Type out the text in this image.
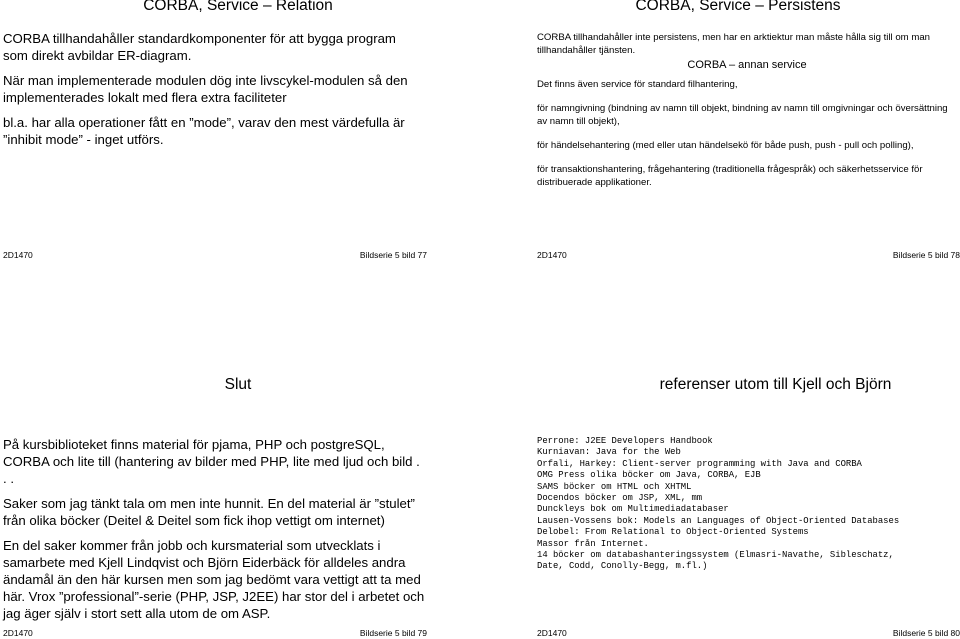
CORBA, Service – Relation

CORBA tillhandahåller standardkomponenter för att bygga program som direkt avbildar ER-diagram.

När man implementerade modulen dög inte livscykel-modulen så den implementerades lokalt med flera extra faciliteter

bl.a. har alla operationer fått en ”mode”, varav den mest värdefulla är ”inhibit mode” - inget utförs.

2D1470	Bildserie 5 bild 77
CORBA, Service – Persistens

CORBA tillhandahåller inte persistens, men har en arktiektur man måste hålla sig till om man tillhandahåller tjänsten.

CORBA – annan service

Det finns även service för standard filhantering,

för namngivning (bindning av namn till objekt, bindning av namn till omgivningar och översättning av namn till objekt),

för händelsehantering (med eller utan händelsekö för både push, push - pull och polling),

för transaktionshantering, frågehantering (traditionella frågespråk) och säkerhetsservice för distribuerade applikationer.

2D1470	Bildserie 5 bild 78
Slut

På kursbiblioteket finns material för pjama, PHP och postgreSQL, CORBA och lite till (hantering av bilder med PHP, lite med ljud och bild . . .

Saker som jag tänkt tala om men inte hunnit. En del material är ”stulet” från olika böcker (Deitel & Deitel som fick ihop vettigt om internet)

En del saker kommer från jobb och kursmaterial som utvecklats i samarbete med Kjell Lindqvist och Björn Eiderbäck för alldeles andra ändamål än den här kursen men som jag bedömt vara vettigt att ta med här. Vrox ”professional”-serie (PHP, JSP, J2EE) har stor del i arbetet och jag äger själv i stort sett alla utom de om ASP.

2D1470	Bildserie 5 bild 79
referenser utom till Kjell och Björn
Perrone: J2EE Developers Handbook
Kurniavan: Java for the Web
Orfali, Harkey: Client-server programming with Java and CORBA
OMG Press olika böcker om Java, CORBA, EJB
SAMS böcker om HTML och XHTML
Docendos böcker om JSP, XML, mm
Dunckleys bok om Multimediadatabaser
Lausen-Vossens bok: Models an Languages of Object-Oriented Databases
Delobel: From Relational to Object-Oriented Systems
Massor från Internet.
14 böcker om databashanteringssystem (Elmasri-Navathe, Sibleschatz,
Date, Codd, Conolly-Begg, m.fl.)
2D1470	Bildserie 5 bild 80
